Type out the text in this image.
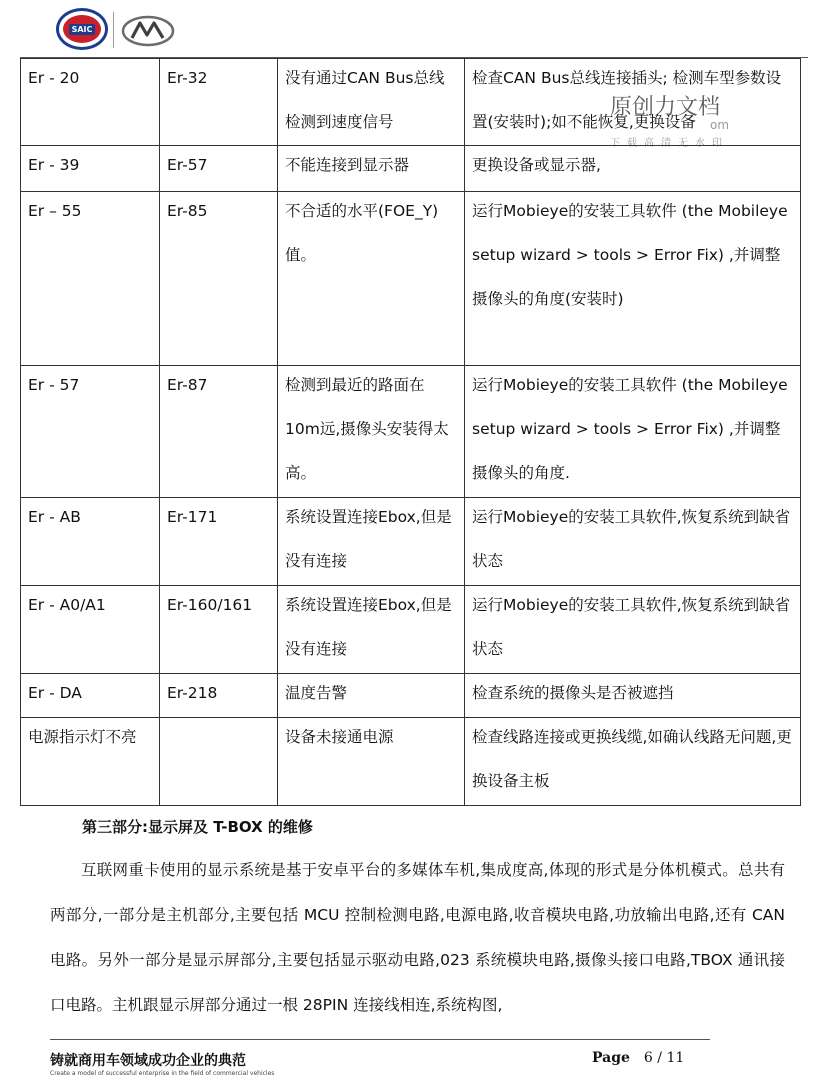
SAIC
原创力文档
om
下载高清无水印
Er - 20	Er-32	没有通过CAN Bus总线检测到速度信号	检查CAN Bus总线连接插头; 检测车型参数设置(安装时);如不能恢复,更换设备

Er - 39	Er-57	不能连接到显示器	更换设备或显示器,

Er – 55	Er-85	不合适的水平(FOE_Y)值。	运行Mobieye的安装工具软件 (the Mobileye setup wizard > tools > Error Fix) ,并调整摄像头的角度(安装时)

Er - 57	Er-87	检测到最近的路面在10m远,摄像头安装得太高。	运行Mobieye的安装工具软件 (the Mobileye setup wizard > tools > Error Fix) ,并调整摄像头的角度.

Er - AB	Er-171	系统设置连接Ebox,但是没有连接	运行Mobieye的安装工具软件,恢复系统到缺省状态

Er - A0/A1	Er-160/161	系统设置连接Ebox,但是没有连接	运行Mobieye的安装工具软件,恢复系统到缺省状态

Er - DA	Er-218	温度告警	检查系统的摄像头是否被遮挡

电源指示灯不亮		设备未接通电源	检查线路连接或更换线缆,如确认线路无问题,更换设备主板
第三部分:显示屏及 T-BOX 的维修
互联网重卡使用的显示系统是基于安卓平台的多媒体车机,集成度高,体现的形式是分体机模式。总共有两部分,一部分是主机部分,主要包括 MCU 控制检测电路,电源电路,收音模块电路,功放输出电路,还有 CAN 电路。另外一部分是显示屏部分,主要包括显示驱动电路,023 系统模块电路,摄像头接口电路,TBOX 通讯接口电路。主机跟显示屏部分通过一根 28PIN 连接线相连,系统构图,
铸就商用车领域成功企业的典范
Create a model of successful enterprise in the field of commercial vehicles
Page 6 / 11
